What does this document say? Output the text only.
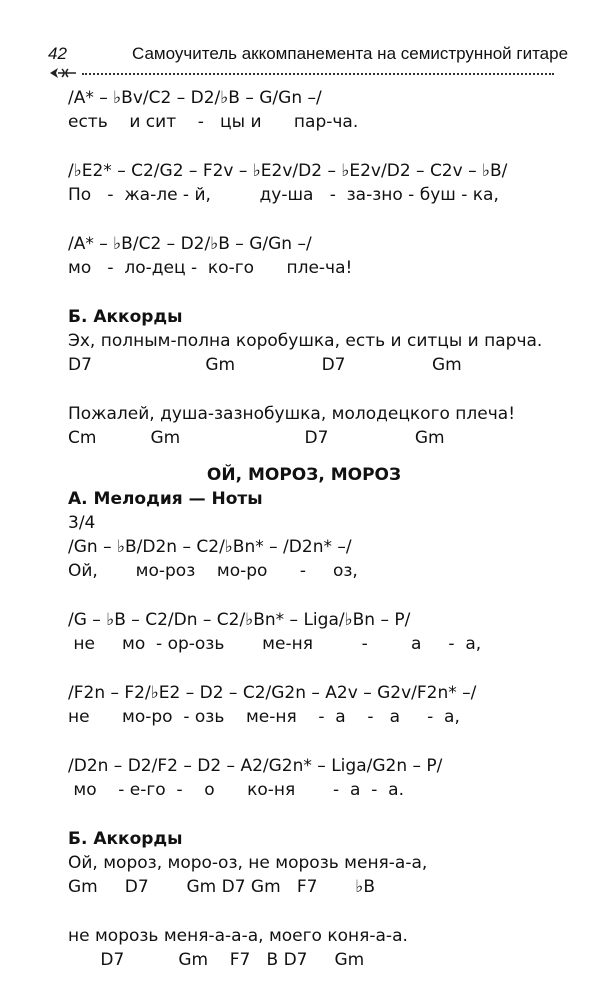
42	Самоучитель аккомпанемента на семиструнной гитаре
/A* – ♭Bv/C2 – D2/♭B – G/Gn –/
есть    и сит    -   цы и      пар-ча.
/♭E2* – C2/G2 – F2v – ♭E2v/D2 – ♭E2v/D2 – C2v – ♭B/
По   -  жа-ле - й,         ду-ша   -  за-зно - буш - ка,
/A* – ♭B/C2 – D2/♭B – G/Gn –/
мо   -  ло-дец -  ко-го      пле-ча!
Б. Аккорды
Эх, полным-полна коробушка, есть и ситцы и парча.
D7                     Gm                D7                Gm
Пожалей, душа-зазнобушка, молодецкого плеча!
Cm          Gm                       D7                Gm
ОЙ, МОРОЗ, МОРОЗ
А. Мелодия — Ноты
3/4
/Gn – ♭B/D2n – C2/♭Bn* – /D2n* –/
Ой,       мо-роз    мо-ро      -     оз,
/G – ♭B – C2/Dn – C2/♭Bn* – Liga/♭Bn – P/
не     мо  - ор-озь       ме-ня         -        а     -  а,
/F2n – F2/♭E2 – D2 – C2/G2n – A2v – G2v/F2n* –/
не      мо-ро  - озь    ме-ня    -  а    -   а     -  а,
/D2n – D2/F2 – D2 – A2/G2n* – Liga/G2n – P/
мо    - е-го  -    о      ко-ня       -  а  -  а.
Б. Аккорды
Ой, мороз, моро-оз, не морозь меня-а-а,
Gm     D7       Gm D7 Gm   F7       ♭B
не морозь меня-а-а-а, моего коня-а-а.
D7          Gm    F7   B D7     Gm
